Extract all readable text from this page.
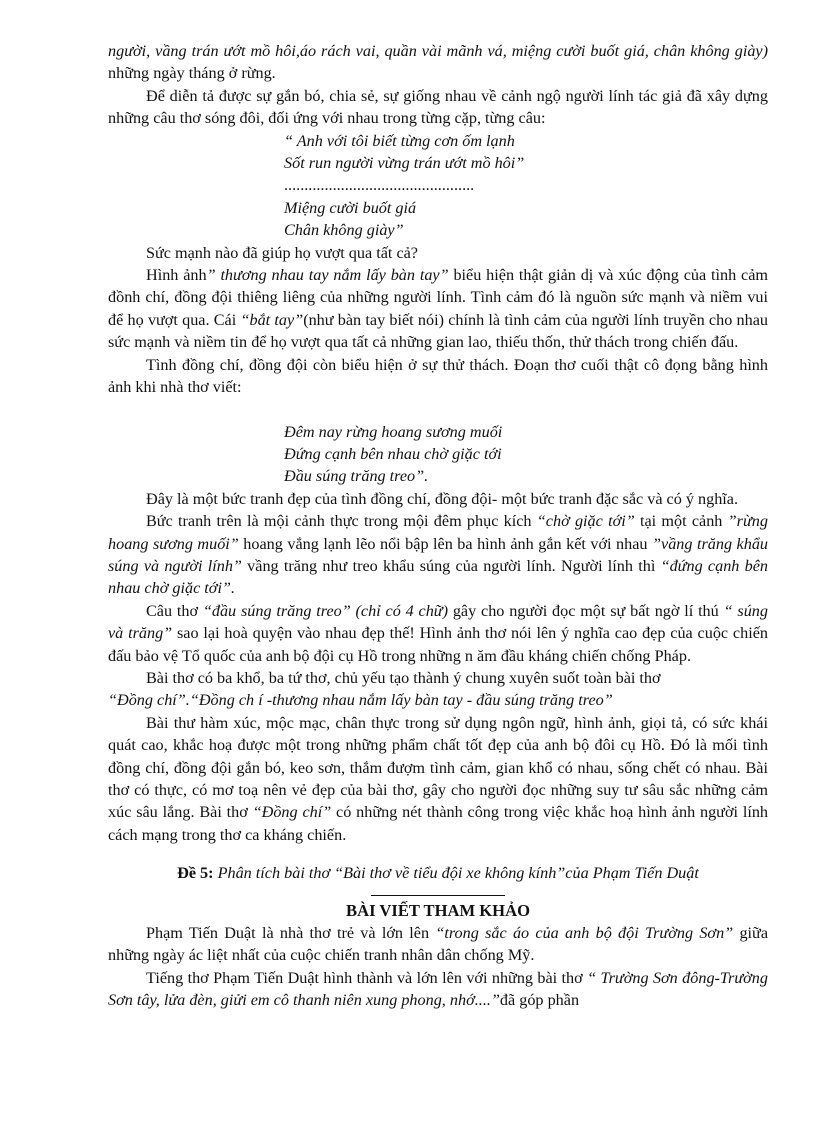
người, vầng trán ướt mồ hôi,áo rách vai, quần vài mãnh vá, miệng cười buốt giá, chân không giày) những ngày tháng ở rừng.

Để diễn tả được sự gắn bó, chia sẻ, sự giống nhau về cảnh ngộ người lính tác giả đã xây dựng những câu thơ sóng đôi, đối ứng với nhau trong từng cặp, từng câu:

“ Anh với tôi biết từng cơn ốm lạnh
Sốt run người vừng trán ướt mồ hôi”
...............................................
Miệng cười buốt giá
Chân không giày”

Sức mạnh nào đã giúp họ vượt qua tất cả?

Hình ảnh” thương nhau tay nắm lấy bàn tay” biểu hiện thật giản dị và xúc động của tình cảm đồnh chí, đồng đội thiêng liêng của những người lính. Tình cảm đó là nguồn sức mạnh và niềm vui để họ vượt qua. Cái “bắt tay”(như bàn tay biết nói) chính là tình cảm của người lính truyền cho nhau sức mạnh và niềm tin để họ vượt qua tất cả những gian lao, thiếu thốn, thử thách trong chiến đấu.

Tình đồng chí, đồng đội còn biểu hiện ở sự thử thách. Đoạn thơ cuối thật cô đọng bằng hình ảnh khi nhà thơ viết:

Đêm nay rừng hoang sương muối
Đứng cạnh bên nhau chờ giặc tới
Đầu súng trăng treo”.

Đây là một bức tranh đẹp của tình đồng chí, đồng đội- một bức tranh đặc sắc và có ý nghĩa.

Bức tranh trên là mội cảnh thực trong mội đêm phục kích “chờ giặc tới” tại một cảnh ”rừng hoang sương muối” hoang vắng lạnh lẽo nổi bập lên ba hình ảnh gắn kết với nhau ”vầng trăng khẩu súng và người lính” vầng trăng như treo khẩu súng của người lính. Người lính thì “đứng cạnh bên nhau chờ giặc tới”.

Câu thơ “đầu súng trăng treo” (chỉ có 4 chữ) gây cho người đọc một sự bất ngờ lí thú “ súng và trăng” sao lại hoà quyện vào nhau đẹp thế! Hình ảnh thơ nói lên ý nghĩa cao đẹp của cuộc chiến đấu bảo vệ Tổ quốc của anh bộ đội cụ Hồ trong những n ăm đầu kháng chiến chống Pháp.

Bài thơ có ba khổ, ba tứ thơ, chủ yếu tạo thành ý chung xuyên suốt toàn bài thơ
“Đồng chí”.“Đồng ch í -thương nhau nắm lấy bàn tay - đầu súng trăng treo”

Bài thư hàm xúc, mộc mạc, chân thực trong sử dụng ngôn ngữ, hình ảnh, giọi tả, có sức khái quát cao, khắc hoạ được một trong những phẩm chất tốt đẹp của anh bộ đôi cụ Hồ. Đó là mối tình đồng chí, đồng đội gắn bó, keo sơn, thắm đượm tình cảm, gian khổ có nhau, sống chết có nhau. Bài thơ có thực, có mơ toạ nên vẻ đẹp của bài thơ, gây cho người đọc những suy tư sâu sắc những cảm xúc sâu lắng. Bài thơ “Đồng chí” có những nét thành công trong việc khắc hoạ hình ảnh người lính cách mạng trong thơ ca kháng chiến.

Đề 5: Phân tích bài thơ “Bài thơ về tiểu đội xe không kính”của Phạm Tiến Duật

BÀI VIẾT THAM KHẢO

Phạm Tiến Duật là nhà thơ trẻ và lớn lên “trong sắc áo của anh bộ đội Trường Sơn” giữa những ngày ác liệt nhất của cuộc chiến tranh nhân dân chống Mỹ.

Tiếng thơ Phạm Tiến Duật hình thành và lớn lên với những bài thơ “ Trường Sơn đông-Trường Sơn tây, lửa đèn, giửi em cô thanh niên xung phong, nhớ....”đã góp phần
